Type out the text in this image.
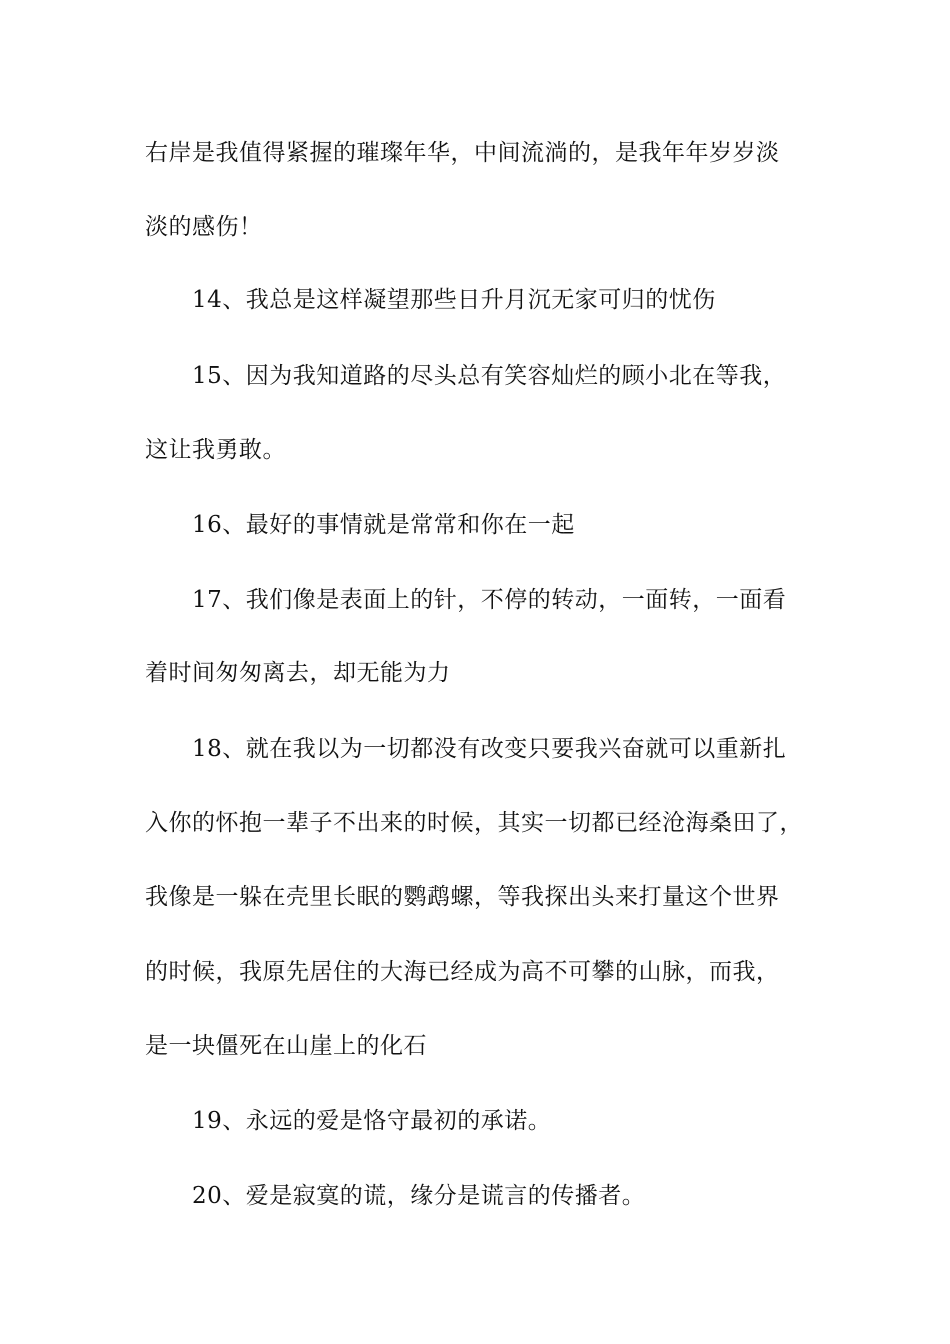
右岸是我值得紧握的璀璨年华，中间流淌的，是我年年岁岁淡
淡的感伤！
14、我总是这样凝望那些日升月沉无家可归的忧伤
15、因为我知道路的尽头总有笑容灿烂的顾小北在等我，
这让我勇敢。
16、最好的事情就是常常和你在一起
17、我们像是表面上的针，不停的转动，一面转，一面看
着时间匆匆离去，却无能为力
18、就在我以为一切都没有改变只要我兴奋就可以重新扎
入你的怀抱一辈子不出来的时候，其实一切都已经沧海桑田了，
我像是一躲在壳里长眠的鹦鹉螺，等我探出头来打量这个世界
的时候，我原先居住的大海已经成为高不可攀的山脉，而我，
是一块僵死在山崖上的化石
19、永远的爱是恪守最初的承诺。
20、爱是寂寞的谎，缘分是谎言的传播者。
